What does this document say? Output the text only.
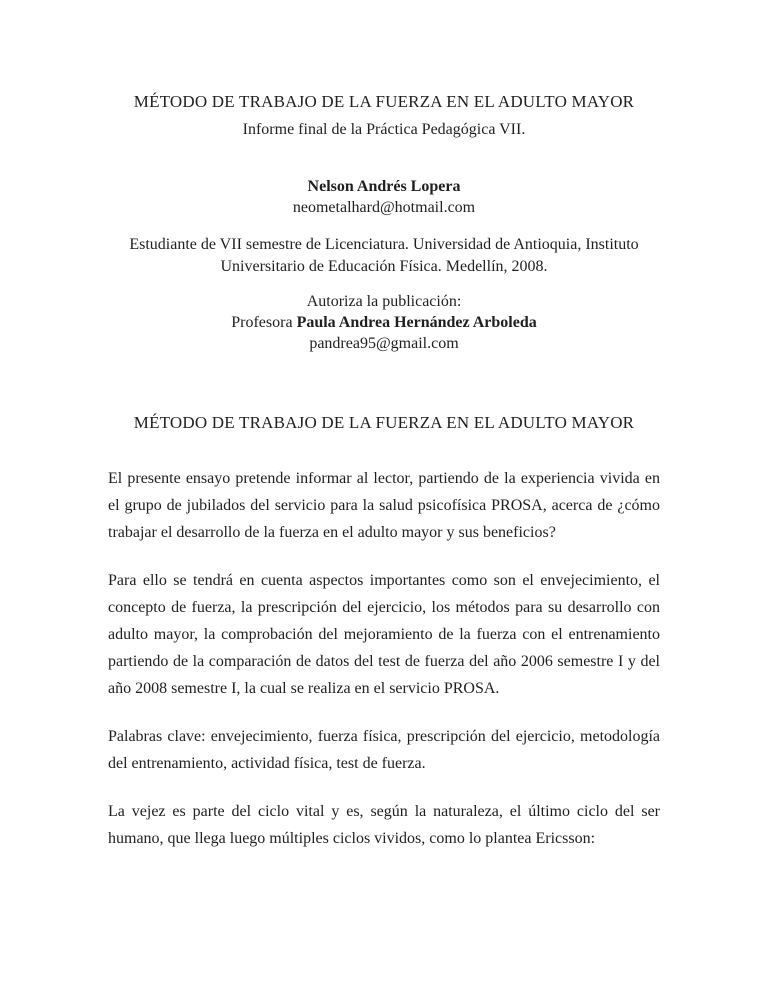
MÉTODO DE TRABAJO DE LA FUERZA EN EL ADULTO MAYOR

Informe final de la Práctica Pedagógica VII.

Nelson Andrés Lopera

neometalhard@hotmail.com

Estudiante de VII semestre de Licenciatura. Universidad de Antioquia, Instituto Universitario de Educación Física. Medellín, 2008.

Autoriza la publicación:

Profesora Paula Andrea Hernández Arboleda

pandrea95@gmail.com

MÉTODO DE TRABAJO DE LA FUERZA EN EL ADULTO MAYOR

El presente ensayo pretende informar al lector, partiendo de la experiencia vivida en el grupo de jubilados del servicio para la salud psicofísica PROSA, acerca de ¿cómo trabajar el desarrollo de la fuerza en el adulto mayor y sus beneficios?

Para ello se tendrá en cuenta aspectos importantes como son el envejecimiento, el concepto de fuerza, la prescripción del ejercicio, los métodos para su desarrollo con adulto mayor, la comprobación del mejoramiento de la fuerza con el entrenamiento partiendo de la comparación de datos del test de fuerza del año 2006 semestre I y del año 2008 semestre I, la cual se realiza en el servicio PROSA.

Palabras clave: envejecimiento, fuerza física, prescripción del ejercicio, metodología del entrenamiento, actividad física, test de fuerza.

La vejez es parte del ciclo vital y es, según la naturaleza, el último ciclo del ser humano, que llega luego múltiples ciclos vividos, como lo plantea Ericsson:
